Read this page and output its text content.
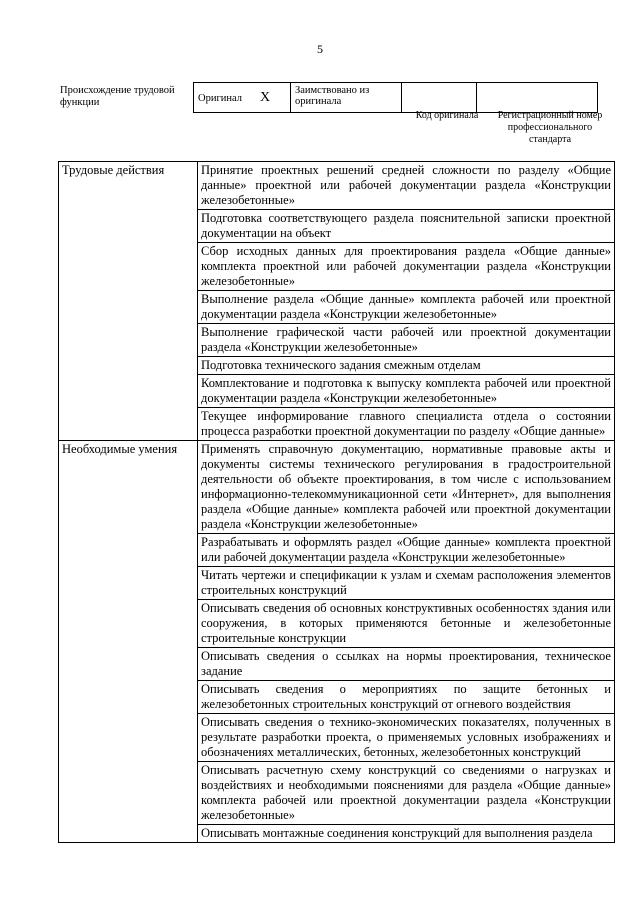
5
Происхождение трудовой функции	Оригинал X	Заимствовано из оригинала		
Код оригинала	Регистрационный номер профессионального стандарта
Трудовые действия	Принятие проектных решений средней сложности по разделу «Общие данные» проектной или рабочей документации раздела «Конструкции железобетонные»
	Подготовка соответствующего раздела пояснительной записки проектной документации на объект
	Сбор исходных данных для проектирования раздела «Общие данные» комплекта проектной или рабочей документации раздела «Конструкции железобетонные»
	Выполнение раздела «Общие данные» комплекта рабочей или проектной документации раздела «Конструкции железобетонные»
	Выполнение графической части рабочей или проектной документации раздела «Конструкции железобетонные»
	Подготовка технического задания смежным отделам
	Комплектование и подготовка к выпуску комплекта рабочей или проектной документации раздела «Конструкции железобетонные»
	Текущее информирование главного специалиста отдела о состоянии процесса разработки проектной документации по разделу «Общие данные»
Необходимые умения	Применять справочную документацию, нормативные правовые акты и документы системы технического регулирования в градостроительной деятельности об объекте проектирования, в том числе с использованием информационно-телекоммуникационной сети «Интернет», для выполнения раздела «Общие данные» комплекта рабочей или проектной документации раздела «Конструкции железобетонные»
	Разрабатывать и оформлять раздел «Общие данные» комплекта проектной или рабочей документации раздела «Конструкции железобетонные»
	Читать чертежи и спецификации к узлам и схемам расположения элементов строительных конструкций
	Описывать сведения об основных конструктивных особенностях здания или сооружения, в которых применяются бетонные и железобетонные строительные конструкции
	Описывать сведения о ссылках на нормы проектирования, техническое задание
	Описывать сведения о мероприятиях по защите бетонных и железобетонных строительных конструкций от огневого воздействия
	Описывать сведения о технико-экономических показателях, полученных в результате разработки проекта, о применяемых условных изображениях и обозначениях металлических, бетонных, железобетонных конструкций
	Описывать расчетную схему конструкций со сведениями о нагрузках и воздействиях и необходимыми пояснениями для раздела «Общие данные» комплекта рабочей или проектной документации раздела «Конструкции железобетонные»
	Описывать монтажные соединения конструкций для выполнения раздела
